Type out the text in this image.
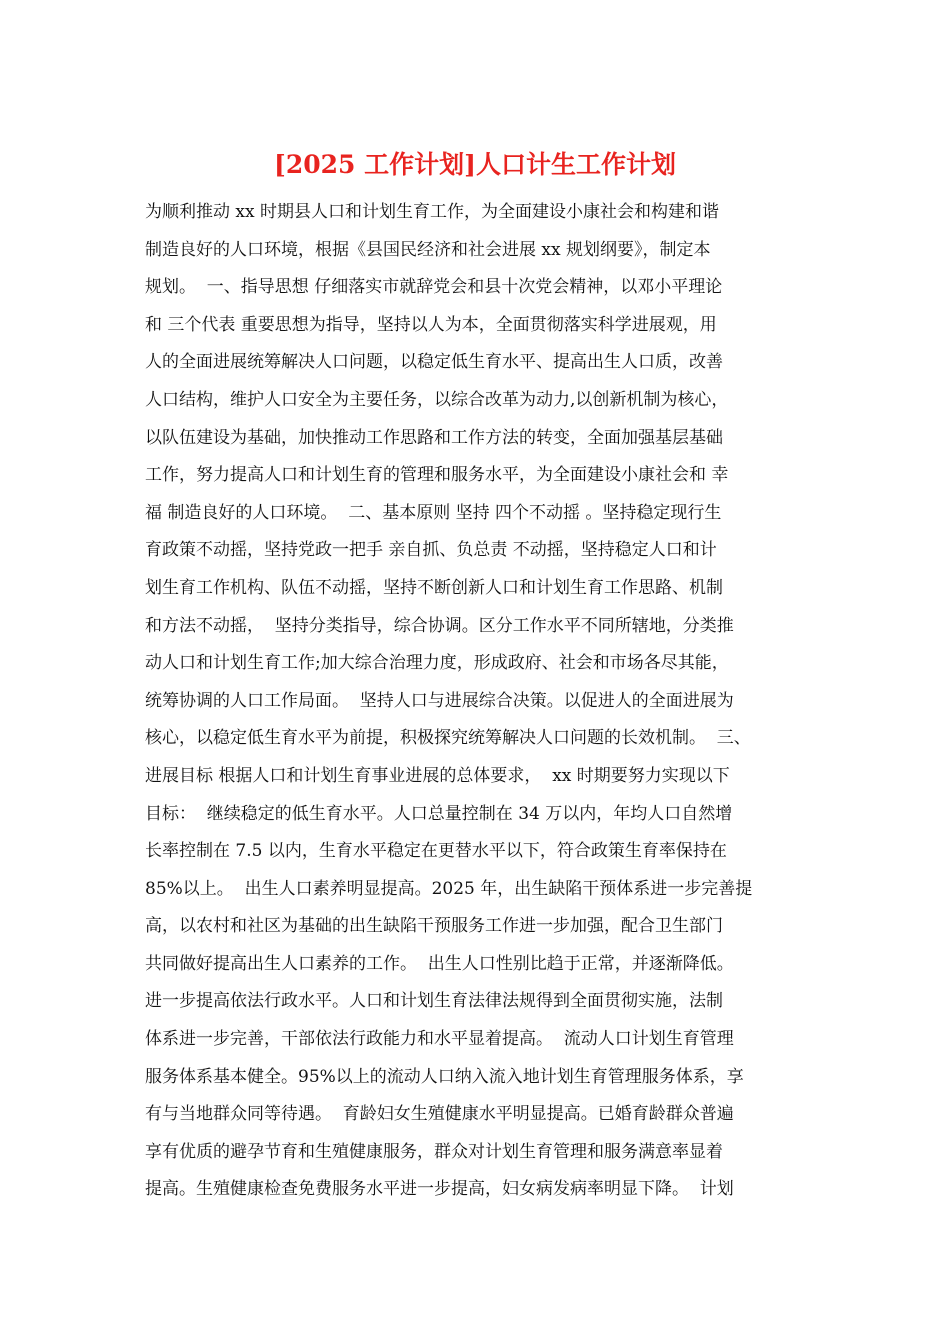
[2025 工作计划]人口计生工作计划
为顺利推动 xx 时期县人口和计划生育工作，为全面建设小康社会和构建和谐
制造良好的人口环境，根据《县国民经济和社会进展 xx 规划纲要》，制定本
规划。  一、指导思想 仔细落实市就辞党会和县十次党会精神，以邓小平理论
和 三个代表 重要思想为指导，坚持以人为本，全面贯彻落实科学进展观，用
人的全面进展统筹解决人口问题，以稳定低生育水平、提高出生人口质，改善
人口结构，维护人口安全为主要任务，以综合改革为动力,以创新机制为核心，
以队伍建设为基础，加快推动工作思路和工作方法的转变，全面加强基层基础
工作，努力提高人口和计划生育的管理和服务水平，为全面建设小康社会和 幸
福 制造良好的人口环境。  二、基本原则 坚持 四个不动摇 。坚持稳定现行生
育政策不动摇，坚持党政一把手 亲自抓、负总责 不动摇，坚持稳定人口和计
划生育工作机构、队伍不动摇，坚持不断创新人口和计划生育工作思路、机制
和方法不动摇，  坚持分类指导，综合协调。区分工作水平不同所辖地，分类推
动人口和计划生育工作;加大综合治理力度，形成政府、社会和市场各尽其能，
统筹协调的人口工作局面。  坚持人口与进展综合决策。以促进人的全面进展为
核心，以稳定低生育水平为前提，积极探究统筹解决人口问题的长效机制。  三、
进展目标 根据人口和计划生育事业进展的总体要求，  xx 时期要努力实现以下
目标：  继续稳定的低生育水平。人口总量控制在 34 万以内，年均人口自然增
长率控制在 7.5 以内，生育水平稳定在更替水平以下，符合政策生育率保持在
85%以上。  出生人口素养明显提高。2025 年，出生缺陷干预体系进一步完善提
高，以农村和社区为基础的出生缺陷干预服务工作进一步加强，配合卫生部门
共同做好提高出生人口素养的工作。  出生人口性别比趋于正常，并逐渐降低。
进一步提高依法行政水平。人口和计划生育法律法规得到全面贯彻实施，法制
体系进一步完善，干部依法行政能力和水平显着提高。  流动人口计划生育管理
服务体系基本健全。95%以上的流动人口纳入流入地计划生育管理服务体系，享
有与当地群众同等待遇。  育龄妇女生殖健康水平明显提高。已婚育龄群众普遍
享有优质的避孕节育和生殖健康服务，群众对计划生育管理和服务满意率显着
提高。生殖健康检查免费服务水平进一步提高，妇女病发病率明显下降。  计划
